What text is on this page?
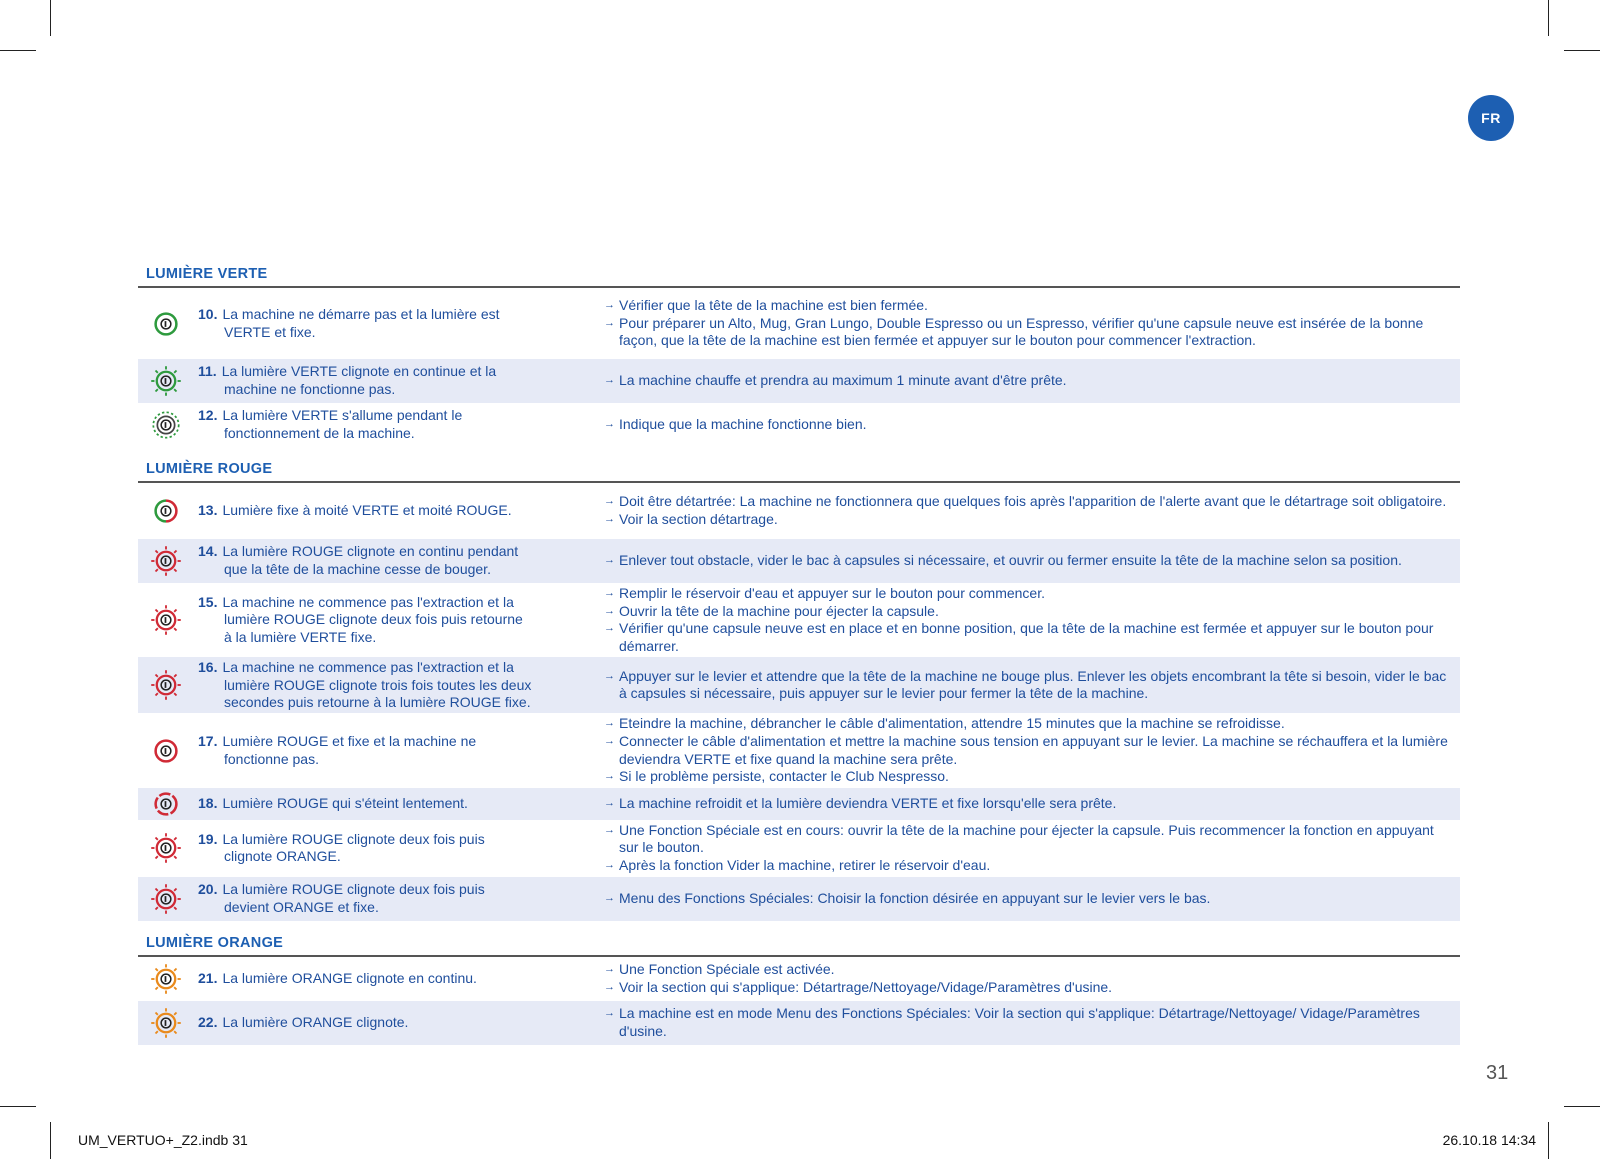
FR
LUMIÈRE VERTE
10. La machine ne démarre pas et la lumière est
VERTE et fixe.
→ Vérifier que la tête de la machine est bien fermée.
→ Pour préparer un Alto, Mug, Gran Lungo, Double Espresso ou un Espresso, vérifier qu'une capsule neuve est insérée de la bonne façon, que la tête de la machine est bien fermée et appuyer sur le bouton pour commencer l'extraction.
11. La lumière VERTE clignote en continue et la
machine ne fonctionne pas.
→ La machine chauffe et prendra au maximum 1 minute avant d'être prête.
12. La lumière VERTE s'allume pendant le
fonctionnement de la machine.
→ Indique que la machine fonctionne bien.
LUMIÈRE ROUGE
13. Lumière fixe à moité VERTE et moité ROUGE.
→ Doit être détartrée: La machine ne fonctionnera que quelques fois après l'apparition de l'alerte avant que le détartrage soit obligatoire.
→ Voir la section détartrage.
14. La lumière ROUGE clignote en continu pendant
que la tête de la machine cesse de bouger.
→ Enlever tout obstacle, vider le bac à capsules si nécessaire, et ouvrir ou fermer ensuite la tête de la machine selon sa position.
15. La machine ne commence pas l'extraction et la
lumière ROUGE clignote deux fois puis retourne
à la lumière VERTE fixe.
→ Remplir le réservoir d'eau et appuyer sur le bouton pour commencer.
→ Ouvrir la tête de la machine pour éjecter la capsule.
→ Vérifier qu'une capsule neuve est en place et en bonne position, que la tête de la machine est fermée et appuyer sur le bouton pour démarrer.
16. La machine ne commence pas l'extraction et la
lumière ROUGE clignote trois fois toutes les deux
secondes puis retourne à la lumière ROUGE fixe.
→ Appuyer sur le levier et attendre que la tête de la machine ne bouge plus. Enlever les objets encombrant la tête si besoin, vider le bac à capsules si nécessaire, puis appuyer sur le levier pour fermer la tête de la machine.
17. Lumière ROUGE et fixe et la machine ne
fonctionne pas.
→ Eteindre la machine, débrancher le câble d'alimentation, attendre 15 minutes que la machine se refroidisse.
→ Connecter le câble d'alimentation et mettre la machine sous tension en appuyant sur le levier. La machine se réchauffera et la lumière deviendra VERTE et fixe quand la machine sera prête.
→ Si le problème persiste, contacter le Club Nespresso.
18. Lumière ROUGE qui s'éteint lentement.	→ La machine refroidit et la lumière deviendra VERTE et fixe lorsqu'elle sera prête.
19. La lumière ROUGE clignote deux fois puis
clignote ORANGE.
→ Une Fonction Spéciale est en cours: ouvrir la tête de la machine pour éjecter la capsule. Puis recommencer la fonction en appuyant sur le bouton.
→ Après la fonction Vider la machine, retirer le réservoir d'eau.
20. La lumière ROUGE clignote deux fois puis
devient ORANGE et fixe.
→ Menu des Fonctions Spéciales: Choisir la fonction désirée en appuyant sur le levier vers le bas.
LUMIÈRE ORANGE
21. La lumière ORANGE clignote en continu.
→ Une Fonction Spéciale est activée.
→ Voir la section qui s'applique: Détartrage/Nettoyage/Vidage/Paramètres d'usine.
22. La lumière ORANGE clignote.
→ La machine est en mode Menu des Fonctions Spéciales: Voir la section qui s'applique: Détartrage/Nettoyage/ Vidage/Paramètres d'usine.
31
UM_VERTUO+_Z2.indb 31	26.10.18 14:34
